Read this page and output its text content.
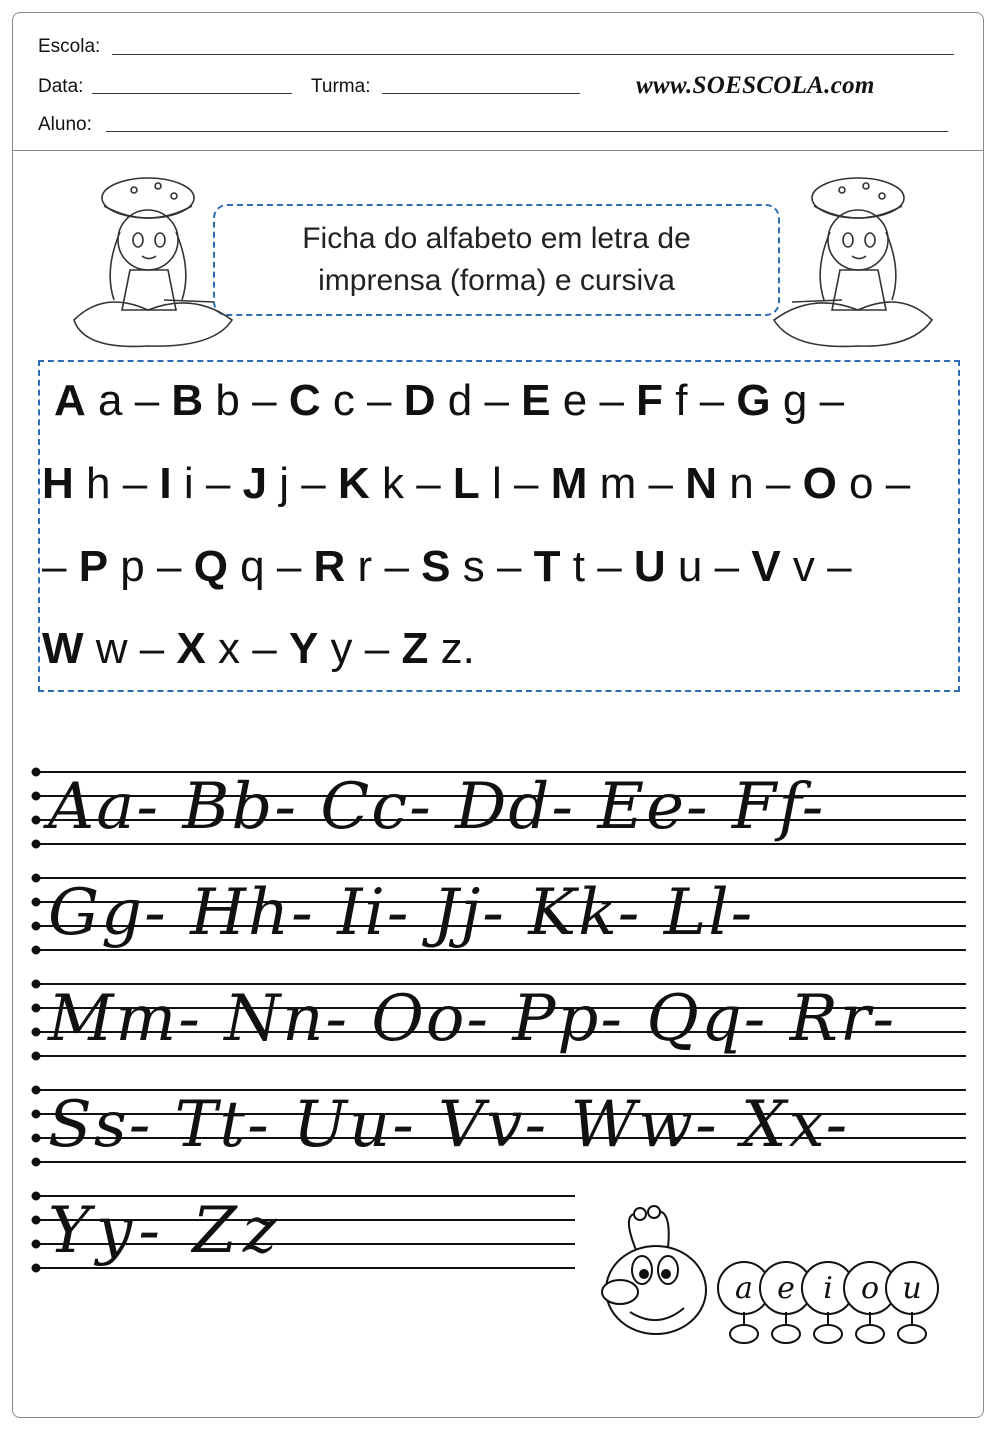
Escola:
Data:	Turma:	www.SOESCOLA.com
Aluno:
Ficha do alfabeto em letra de
imprensa (forma) e cursiva
A a – B b – C c – D d – E e – F f – G g –
H h – I i – J j – K k – L l – M m – N n – O o –
– P p – Q q – R r – S s – T t – U u – V v –
W w – X x – Y y – Z z.
Aa- Bb- Cc- Dd- Ee- Ff-
Gg- Hh- Ii- Jj- Kk- Ll-
Mm- Nn- Oo- Pp- Qq- Rr-
Ss- Tt- Uu- Vv- Ww- Xx-
Yy- Zz
a e i o u
